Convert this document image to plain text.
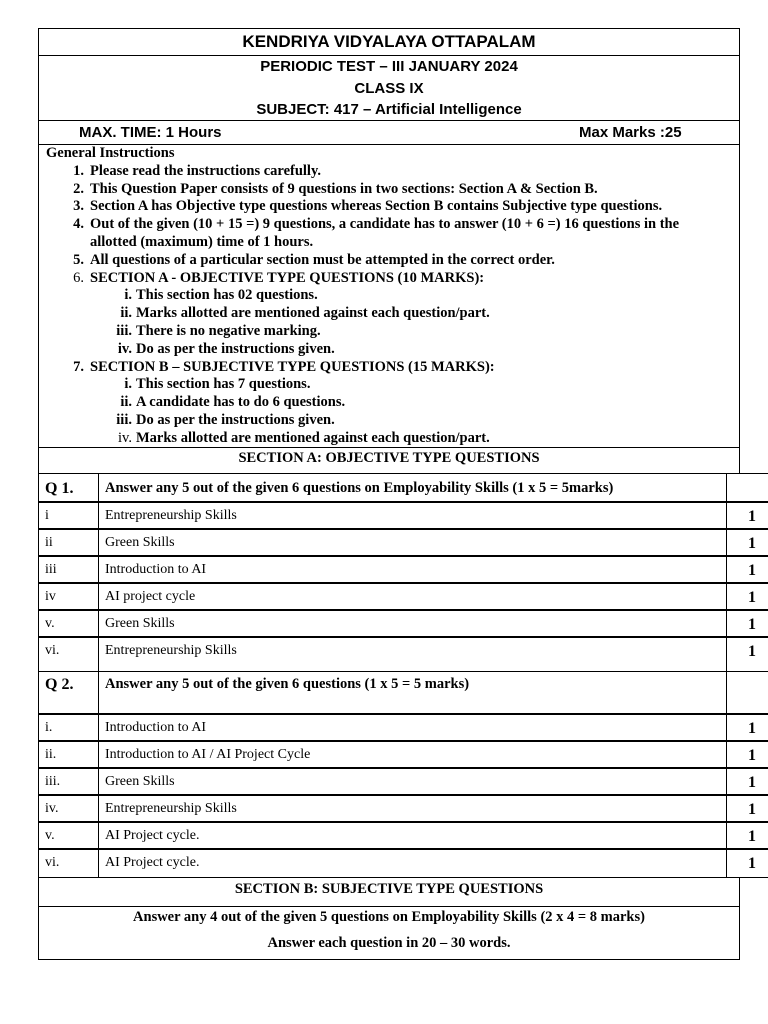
KENDRIYA VIDYALAYA OTTAPALAM
PERIODIC TEST – III JANUARY 2024
CLASS IX
SUBJECT: 417 – Artificial Intelligence
MAX. TIME: 1 Hours	Max Marks :25
General Instructions
1. Please read the instructions carefully.
2. This Question Paper consists of 9 questions in two sections: Section A & Section B.
3. Section A has Objective type questions whereas Section B contains Subjective type questions.
4. Out of the given (10 + 15 =) 9 questions, a candidate has to answer (10 + 6 =) 16 questions in the allotted (maximum) time of 1 hours.
5. All questions of a particular section must be attempted in the correct order.
6. SECTION A - OBJECTIVE TYPE QUESTIONS (10 MARKS):
i. This section has 02 questions.
ii. Marks allotted are mentioned against each question/part.
iii. There is no negative marking.
iv. Do as per the instructions given.
7. SECTION B – SUBJECTIVE TYPE QUESTIONS (15 MARKS):
i. This section has 7 questions.
ii. A candidate has to do 6 questions.
iii. Do as per the instructions given.
iv. Marks allotted are mentioned against each question/part.
SECTION A: OBJECTIVE TYPE QUESTIONS
Q 1.	Answer any 5 out of the given 6 questions on Employability Skills (1 x 5 = 5marks)
i	Entrepreneurship Skills	1
ii	Green Skills	1
iii	Introduction to AI	1
iv	AI project cycle	1
v.	Green Skills	1
vi.	Entrepreneurship Skills	1
Q 2.	Answer any 5 out of the given 6 questions (1 x 5 = 5 marks)
i.	Introduction to AI	1
ii.	Introduction to AI / AI Project Cycle	1
iii.	Green Skills	1
iv.	Entrepreneurship Skills	1
v.	AI Project cycle.	1
vi.	AI Project cycle.	1
SECTION B: SUBJECTIVE TYPE QUESTIONS
Answer any 4 out of the given 5 questions on Employability Skills (2 x 4 = 8 marks)
Answer each question in 20 – 30 words.
